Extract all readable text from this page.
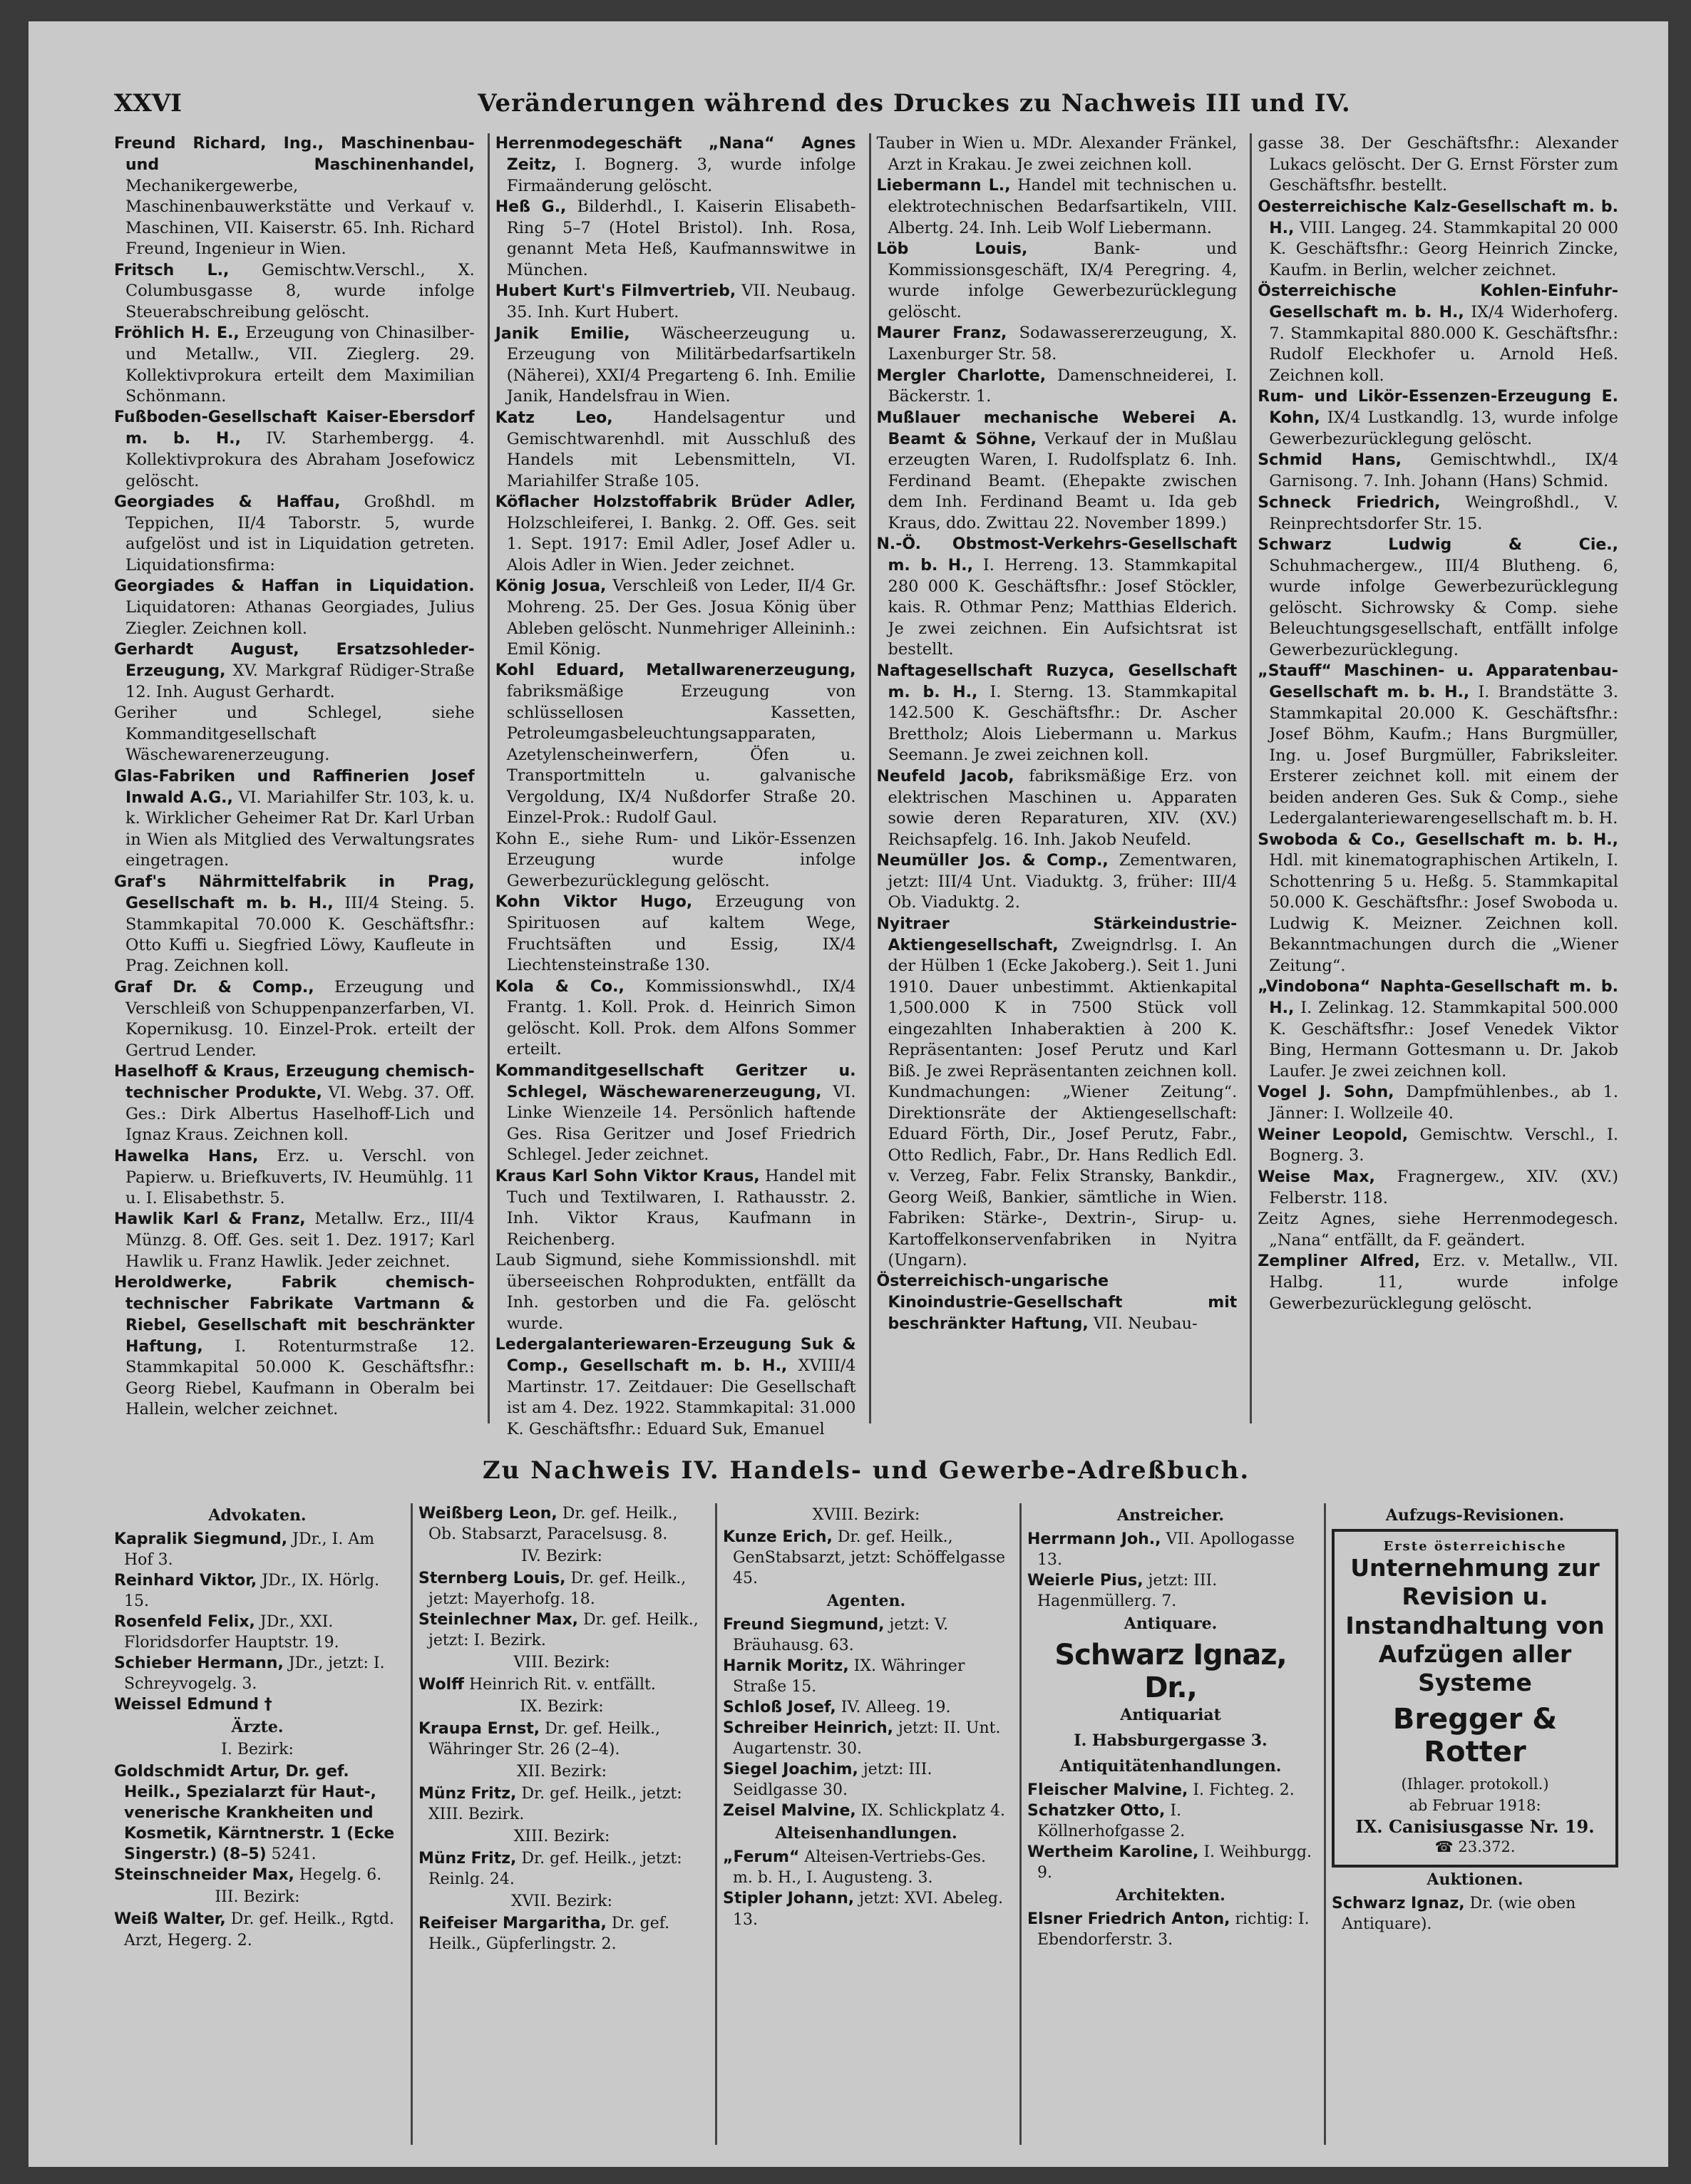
XXVI	Veränderungen während des Druckes zu Nachweis III und IV.
Freund Richard, Ing., Maschinenbau- und Maschinenhandel, Mechanikergewerbe, Maschinenbauwerkstätte und Verkauf v. Maschinen, VII. Kaiserstr. 65. Inh. Richard Freund, Ingenieur in Wien.
Fritsch L., Gemischtw.Verschl., X. Columbusgasse 8, wurde infolge Steuerabschreibung gelöscht.
Fröhlich H. E., Erzeugung von Chinasilber- und Metallw., VII. Zieglerg. 29. Kollektivprokura erteilt dem Maximilian Schönmann.
Fußboden-Gesellschaft Kaiser-Ebersdorf m. b. H., IV. Starhembergg. 4. Kollektivprokura des Abraham Josefowicz gelöscht.
Georgiades & Haffau, Großhdl. m Teppichen, II/4 Taborstr. 5, wurde aufgelöst und ist in Liquidation getreten. Liquidationsfirma:
Georgiades & Haffan in Liquidation. Liquidatoren: Athanas Georgiades, Julius Ziegler. Zeichnen koll.
Gerhardt August, Ersatzsohleder-Erzeugung, XV. Markgraf Rüdiger-Straße 12. Inh. August Gerhardt.
Geriher und Schlegel, siehe Kommanditgesellschaft Wäschewarenerzeugung.
Glas-Fabriken und Raffinerien Josef Inwald A.G., VI. Mariahilfer Str. 103, k. u. k. Wirklicher Geheimer Rat Dr. Karl Urban in Wien als Mitglied des Verwaltungsrates eingetragen.
Graf's Nährmittelfabrik in Prag, Gesellschaft m. b. H., III/4 Steing. 5. Stammkapital 70.000 K. Geschäftsfhr.: Otto Kuffi u. Siegfried Löwy, Kaufleute in Prag. Zeichnen koll.
Graf Dr. & Comp., Erzeugung und Verschleiß von Schuppenpanzerfarben, VI. Kopernikusg. 10. Einzel-Prok. erteilt der Gertrud Lender.
Haselhoff & Kraus, Erzeugung chemisch-technischer Produkte, VI. Webg. 37. Off. Ges.: Dirk Albertus Haselhoff-Lich und Ignaz Kraus. Zeichnen koll.
Hawelka Hans, Erz. u. Verschl. von Papierw. u. Briefkuverts, IV. Heumühlg. 11 u. I. Elisabethstr. 5.
Hawlik Karl & Franz, Metallw. Erz., III/4 Münzg. 8. Off. Ges. seit 1. Dez. 1917; Karl Hawlik u. Franz Hawlik. Jeder zeichnet.
Heroldwerke, Fabrik chemisch-technischer Fabrikate Vartmann & Riebel, Gesellschaft mit beschränkter Haftung, I. Rotenturmstraße 12. Stammkapital 50.000 K. Geschäftsfhr.: Georg Riebel, Kaufmann in Oberalm bei Hallein, welcher zeichnet.
Herrenmodegeschäft „Nana“ Agnes Zeitz, I. Bognerg. 3, wurde infolge Firmaänderung gelöscht.
Heß G., Bilderhdl., I. Kaiserin Elisabeth-Ring 5–7 (Hotel Bristol). Inh. Rosa, genannt Meta Heß, Kaufmannswitwe in München.
Hubert Kurt's Filmvertrieb, VII. Neubaug. 35. Inh. Kurt Hubert.
Janik Emilie, Wäscheerzeugung u. Erzeugung von Militärbedarfsartikeln (Näherei), XXI/4 Pregarteng 6. Inh. Emilie Janik, Handelsfrau in Wien.
Katz Leo, Handelsagentur und Gemischtwarenhdl. mit Ausschluß des Handels mit Lebensmitteln, VI. Mariahilfer Straße 105.
Köflacher Holzstoffabrik Brüder Adler, Holzschleiferei, I. Bankg. 2. Off. Ges. seit 1. Sept. 1917: Emil Adler, Josef Adler u. Alois Adler in Wien. Jeder zeichnet.
König Josua, Verschleiß von Leder, II/4 Gr. Mohreng. 25. Der Ges. Josua König über Ableben gelöscht. Nunmehriger Alleininh.: Emil König.
Kohl Eduard, Metallwarenerzeugung, fabriksmäßige Erzeugung von schlüssellosen Kassetten, Petroleumgasbeleuchtungsapparaten, Azetylenscheinwerfern, Öfen u. Transportmitteln u. galvanische Vergoldung, IX/4 Nußdorfer Straße 20. Einzel-Prok.: Rudolf Gaul.
Kohn E., siehe Rum- und Likör-Essenzen Erzeugung wurde infolge Gewerbezurücklegung gelöscht.
Kohn Viktor Hugo, Erzeugung von Spirituosen auf kaltem Wege, Fruchtsäften und Essig, IX/4 Liechtensteinstraße 130.
Kola & Co., Kommissionswhdl., IX/4 Frantg. 1. Koll. Prok. d. Heinrich Simon gelöscht. Koll. Prok. dem Alfons Sommer erteilt.
Kommanditgesellschaft Geritzer u. Schlegel, Wäschewarenerzeugung, VI. Linke Wienzeile 14. Persönlich haftende Ges. Risa Geritzer und Josef Friedrich Schlegel. Jeder zeichnet.
Kraus Karl Sohn Viktor Kraus, Handel mit Tuch und Textilwaren, I. Rathausstr. 2. Inh. Viktor Kraus, Kaufmann in Reichenberg.
Laub Sigmund, siehe Kommissionshdl. mit überseeischen Rohprodukten, entfällt da Inh. gestorben und die Fa. gelöscht wurde.
Ledergalanteriewaren-Erzeugung Suk & Comp., Gesellschaft m. b. H., XVIII/4 Martinstr. 17. Zeitdauer: Die Gesellschaft ist am 4. Dez. 1922. Stammkapital: 31.000 K. Geschäftsfhr.: Eduard Suk, Emanuel
Tauber in Wien u. MDr. Alexander Fränkel, Arzt in Krakau. Je zwei zeichnen koll.
Liebermann L., Handel mit technischen u. elektrotechnischen Bedarfsartikeln, VIII. Albertg. 24. Inh. Leib Wolf Liebermann.
Löb Louis, Bank- und Kommissionsgeschäft, IX/4 Peregring. 4, wurde infolge Gewerbezurücklegung gelöscht.
Maurer Franz, Sodawassererzeugung, X. Laxenburger Str. 58.
Mergler Charlotte, Damenschneiderei, I. Bäckerstr. 1.
Mußlauer mechanische Weberei A. Beamt & Söhne, Verkauf der in Mußlau erzeugten Waren, I. Rudolfsplatz 6. Inh. Ferdinand Beamt. (Ehepakte zwischen dem Inh. Ferdinand Beamt u. Ida geb Kraus, ddo. Zwittau 22. November 1899.)
N.-Ö. Obstmost-Verkehrs-Gesellschaft m. b. H., I. Herreng. 13. Stammkapital 280 000 K. Geschäftsfhr.: Josef Stöckler, kais. R. Othmar Penz; Matthias Elderich. Je zwei zeichnen. Ein Aufsichtsrat ist bestellt.
Naftagesellschaft Ruzyca, Gesellschaft m. b. H., I. Sterng. 13. Stammkapital 142.500 K. Geschäftsfhr.: Dr. Ascher Brettholz; Alois Liebermann u. Markus Seemann. Je zwei zeichnen koll.
Neufeld Jacob, fabriksmäßige Erz. von elektrischen Maschinen u. Apparaten sowie deren Reparaturen, XIV. (XV.) Reichsapfelg. 16. Inh. Jakob Neufeld.
Neumüller Jos. & Comp., Zementwaren, jetzt: III/4 Unt. Viaduktg. 3, früher: III/4 Ob. Viaduktg. 2.
Nyitraer Stärkeindustrie-Aktiengesellschaft, Zweigndrlsg. I. An der Hülben 1 (Ecke Jakoberg.). Seit 1. Juni 1910. Dauer unbestimmt. Aktienkapital 1,500.000 K in 7500 Stück voll eingezahlten Inhaberaktien à 200 K. Repräsentanten: Josef Perutz und Karl Biß. Je zwei Repräsentanten zeichnen koll. Kundmachungen: „Wiener Zeitung“. Direktionsräte der Aktiengesellschaft: Eduard Förth, Dir., Josef Perutz, Fabr., Otto Redlich, Fabr., Dr. Hans Redlich Edl. v. Verzeg, Fabr. Felix Stransky, Bankdir., Georg Weiß, Bankier, sämtliche in Wien. Fabriken: Stärke-, Dextrin-, Sirup- u. Kartoffelkonservenfabriken in Nyitra (Ungarn).
Österreichisch-ungarische Kinoindustrie-Gesellschaft mit beschränkter Haftung, VII. Neubau-
gasse 38. Der Geschäftsfhr.: Alexander Lukacs gelöscht. Der G. Ernst Förster zum Geschäftsfhr. bestellt.
Oesterreichische Kalz-Gesellschaft m. b. H., VIII. Langeg. 24. Stammkapital 20 000 K. Geschäftsfhr.: Georg Heinrich Zincke, Kaufm. in Berlin, welcher zeichnet.
Österreichische Kohlen-Einfuhr-Gesellschaft m. b. H., IX/4 Widerhoferg. 7. Stammkapital 880.000 K. Geschäftsfhr.: Rudolf Eleckhofer u. Arnold Heß. Zeichnen koll.
Rum- und Likör-Essenzen-Erzeugung E. Kohn, IX/4 Lustkandlg. 13, wurde infolge Gewerbezurücklegung gelöscht.
Schmid Hans, Gemischtwhdl., IX/4 Garnisong. 7. Inh. Johann (Hans) Schmid.
Schneck Friedrich, Weingroßhdl., V. Reinprechtsdorfer Str. 15.
Schwarz Ludwig & Cie., Schuhmachergew., III/4 Blutheng. 6, wurde infolge Gewerbezurücklegung gelöscht. Sichrowsky & Comp. siehe Beleuchtungsgesellschaft, entfällt infolge Gewerbezurücklegung.
„Stauff“ Maschinen- u. Apparatenbau-Gesellschaft m. b. H., I. Brandstätte 3. Stammkapital 20.000 K. Geschäftsfhr.: Josef Böhm, Kaufm.; Hans Burgmüller, Ing. u. Josef Burgmüller, Fabriksleiter. Ersterer zeichnet koll. mit einem der beiden anderen Ges. Suk & Comp., siehe Ledergalanteriewarengesellschaft m. b. H.
Swoboda & Co., Gesellschaft m. b. H., Hdl. mit kinematographischen Artikeln, I. Schottenring 5 u. Heßg. 5. Stammkapital 50.000 K. Geschäftsfhr.: Josef Swoboda u. Ludwig K. Meizner. Zeichnen koll. Bekanntmachungen durch die „Wiener Zeitung“.
„Vindobona“ Naphta-Gesellschaft m. b. H., I. Zelinkag. 12. Stammkapital 500.000 K. Geschäftsfhr.: Josef Venedek Viktor Bing, Hermann Gottesmann u. Dr. Jakob Laufer. Je zwei zeichnen koll.
Vogel J. Sohn, Dampfmühlenbes., ab 1. Jänner: I. Wollzeile 40.
Weiner Leopold, Gemischtw. Verschl., I. Bognerg. 3.
Weise Max, Fragnergew., XIV. (XV.) Felberstr. 118.
Zeitz Agnes, siehe Herrenmodegesch. „Nana“ entfällt, da F. geändert.
Zempliner Alfred, Erz. v. Metallw., VII. Halbg. 11, wurde infolge Gewerbezurücklegung gelöscht.
Zu Nachweis IV. Handels- und Gewerbe-Adreßbuch.
Advokaten.
Kapralik Siegmund, JDr., I. Am Hof 3.
Reinhard Viktor, JDr., IX. Hörlg. 15.
Rosenfeld Felix, JDr., XXI. Floridsdorfer Hauptstr. 19.
Schieber Hermann, JDr., jetzt: I. Schreyvogelg. 3.
Weissel Edmund †
Ärzte.
I. Bezirk:
Goldschmidt Artur, Dr. gef. Heilk., Spezialarzt für Haut-, venerische Krankheiten und Kosmetik, Kärntnerstr. 1 (Ecke Singerstr.) (8–5) 5241.
Steinschneider Max, Hegelg. 6.
III. Bezirk:
Weiß Walter, Dr. gef. Heilk., Rgtd. Arzt, Hegerg. 2.
Weißberg Leon, Dr. gef. Heilk., Ob. Stabsarzt, Paracelsusg. 8.
IV. Bezirk:
Sternberg Louis, Dr. gef. Heilk., jetzt: Mayerhofg. 18.
Steinlechner Max, Dr. gef. Heilk., jetzt: I. Bezirk.
VIII. Bezirk:
Wolff Heinrich Rit. v. entfällt.
IX. Bezirk:
Kraupa Ernst, Dr. gef. Heilk., Währinger Str. 26 (2–4).
XII. Bezirk:
Münz Fritz, Dr. gef. Heilk., jetzt: XIII. Bezirk.
XIII. Bezirk:
Münz Fritz, Dr. gef. Heilk., jetzt: Reinlg. 24.
XVII. Bezirk:
Reifeiser Margaritha, Dr. gef. Heilk., Güpferlingstr. 2.
XVIII. Bezirk:
Kunze Erich, Dr. gef. Heilk., GenStabsarzt, jetzt: Schöffelgasse 45.
Agenten.
Freund Siegmund, jetzt: V. Bräuhausg. 63.
Harnik Moritz, IX. Währinger Straße 15.
Schloß Josef, IV. Alleeg. 19.
Schreiber Heinrich, jetzt: II. Unt. Augartenstr. 30.
Siegel Joachim, jetzt: III. Seidlgasse 30.
Zeisel Malvine, IX. Schlickplatz 4.
Alteisenhandlungen.
„Ferum“ Alteisen-Vertriebs-Ges. m. b. H., I. Augusteng. 3.
Stipler Johann, jetzt: XVI. Abeleg. 13.
Anstreicher.
Herrmann Joh., VII. Apollogasse 13.
Weierle Pius, jetzt: III. Hagenmüllerg. 7.
Antiquare.
Schwarz Ignaz, Dr.,
Antiquariat
I. Habsburgergasse 3.
Antiquitätenhandlungen.
Fleischer Malvine, I. Fichteg. 2.
Schatzker Otto, I. Köllnerhofgasse 2.
Wertheim Karoline, I. Weihburgg. 9.
Architekten.
Elsner Friedrich Anton, richtig: I. Ebendorferstr. 3.
Aufzugs-Revisionen.
Erste österreichische
Unternehmung zur Revision u. Instandhaltung von Aufzügen aller Systeme
Bregger & Rotter
(Ihlager. protokoll.)
ab Februar 1918:
IX. Canisiusgasse Nr. 19.
☎ 23.372.
Auktionen.
Schwarz Ignaz, Dr. (wie oben Antiquare).
